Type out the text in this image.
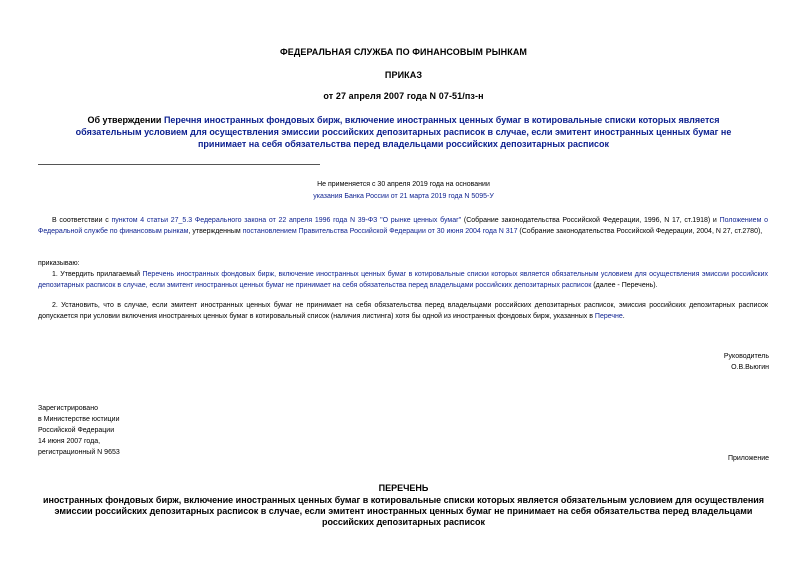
ФЕДЕРАЛЬНАЯ СЛУЖБА ПО ФИНАНСОВЫМ РЫНКАМ
ПРИКАЗ
от 27 апреля 2007 года N 07-51/пз-н
Об утверждении Перечня иностранных фондовых бирж, включение иностранных ценных бумаг в котировальные списки которых является обязательным условием для осуществления эмиссии российских депозитарных расписок в случае, если эмитент иностранных ценных бумаг не принимает на себя обязательства перед владельцами российских депозитарных расписок
Не применяется с 30 апреля 2019 года на основании
указания Банка России от 21 марта 2019 года N 5095-У
В соответствии с пунктом 4 статьи 27_5.3 Федерального закона от 22 апреля 1996 года N 39-ФЗ "О рынке ценных бумаг" (Собрание законодательства Российской Федерации, 1996, N 17, ст.1918) и Положением о Федеральной службе по финансовым рынкам, утвержденным постановлением Правительства Российской Федерации от 30 июня 2004 года N 317 (Собрание законодательства Российской Федерации, 2004, N 27, ст.2780),
приказываю:
1. Утвердить прилагаемый Перечень иностранных фондовых бирж, включение иностранных ценных бумаг в котировальные списки которых является обязательным условием для осуществления эмиссии российских депозитарных расписок в случае, если эмитент иностранных ценных бумаг не принимает на себя обязательства перед владельцами российских депозитарных расписок (далее - Перечень).
2. Установить, что в случае, если эмитент иностранных ценных бумаг не принимает на себя обязательства перед владельцами российских депозитарных расписок, эмиссия российских депозитарных расписок допускается при условии включения иностранных ценных бумаг в котировальный список (наличия листинга) хотя бы одной из иностранных фондовых бирж, указанных в Перечне.
Руководитель
О.В.Вьюгин
Зарегистрировано
в Министерстве юстиции
Российской Федерации
14 июня 2007 года,
регистрационный N 9653
Приложение
ПЕРЕЧЕНЬ
иностранных фондовых бирж, включение иностранных ценных бумаг в котировальные списки которых является обязательным условием для осуществления эмиссии российских депозитарных расписок в случае, если эмитент иностранных ценных бумаг не принимает на себя обязательства перед владельцами российских депозитарных расписок
